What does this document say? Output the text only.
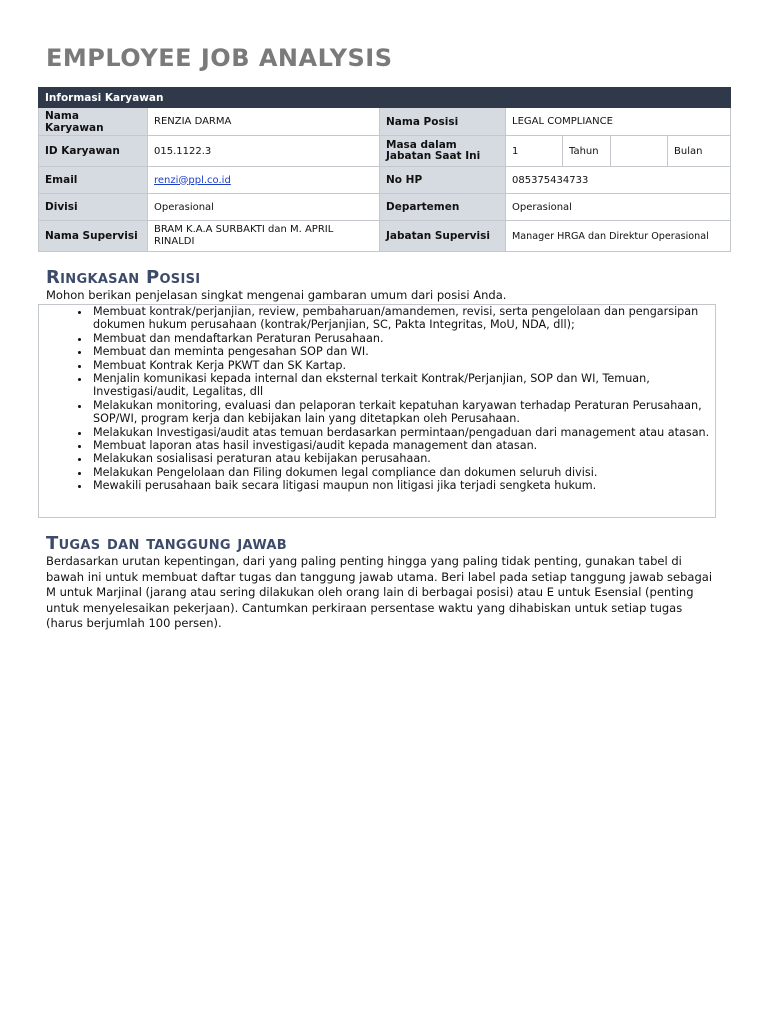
EMPLOYEE JOB ANALYSIS
Informasi Karyawan						
Nama Karyawan	RENZIA DARMA	Nama Posisi	LEGAL COMPLIANCE			
ID Karyawan	015.1122.3	Masa dalam Jabatan Saat Ini	1	Tahun		Bulan
Email	renzi@ppl.co.id	No HP	085375434733			
Divisi	Operasional	Departemen	Operasional			
Nama Supervisi	BRAM K.A.A SURBAKTI dan M. APRIL RINALDI	Jabatan Supervisi	Manager HRGA dan Direktur Operasional			
Ringkasan Posisi

Mohon berikan penjelasan singkat mengenai gambaran umum dari posisi Anda.

• Membuat kontrak/perjanjian, review, pembaharuan/amandemen, revisi, serta pengelolaan dan pengarsipan dokumen hukum perusahaan (kontrak/Perjanjian, SC, Pakta Integritas, MoU, NDA, dll);
• Membuat dan mendaftarkan Peraturan Perusahaan.
• Membuat dan meminta pengesahan SOP dan WI.
• Membuat Kontrak Kerja PKWT dan SK Kartap.
• Menjalin komunikasi kepada internal dan eksternal terkait Kontrak/Perjanjian, SOP dan WI, Temuan, Investigasi/audit, Legalitas, dll
• Melakukan monitoring, evaluasi dan pelaporan terkait kepatuhan karyawan terhadap Peraturan Perusahaan, SOP/WI, program kerja dan kebijakan lain yang ditetapkan oleh Perusahaan.
• Melakukan Investigasi/audit atas temuan berdasarkan permintaan/pengaduan dari management atau atasan.
• Membuat laporan atas hasil investigasi/audit kepada management dan atasan.
• Melakukan sosialisasi peraturan atau kebijakan perusahaan.
• Melakukan Pengelolaan dan Filing dokumen legal compliance dan dokumen seluruh divisi.
• Mewakili perusahaan baik secara litigasi maupun non litigasi jika terjadi sengketa hukum.
Tugas dan tanggung jawab

Berdasarkan urutan kepentingan, dari yang paling penting hingga yang paling tidak penting, gunakan tabel di bawah ini untuk membuat daftar tugas dan tanggung jawab utama. Beri label pada setiap tanggung jawab sebagai M untuk Marjinal (jarang atau sering dilakukan oleh orang lain di berbagai posisi) atau E untuk Esensial (penting untuk menyelesaikan pekerjaan). Cantumkan perkiraan persentase waktu yang dihabiskan untuk setiap tugas (harus berjumlah 100 persen).
